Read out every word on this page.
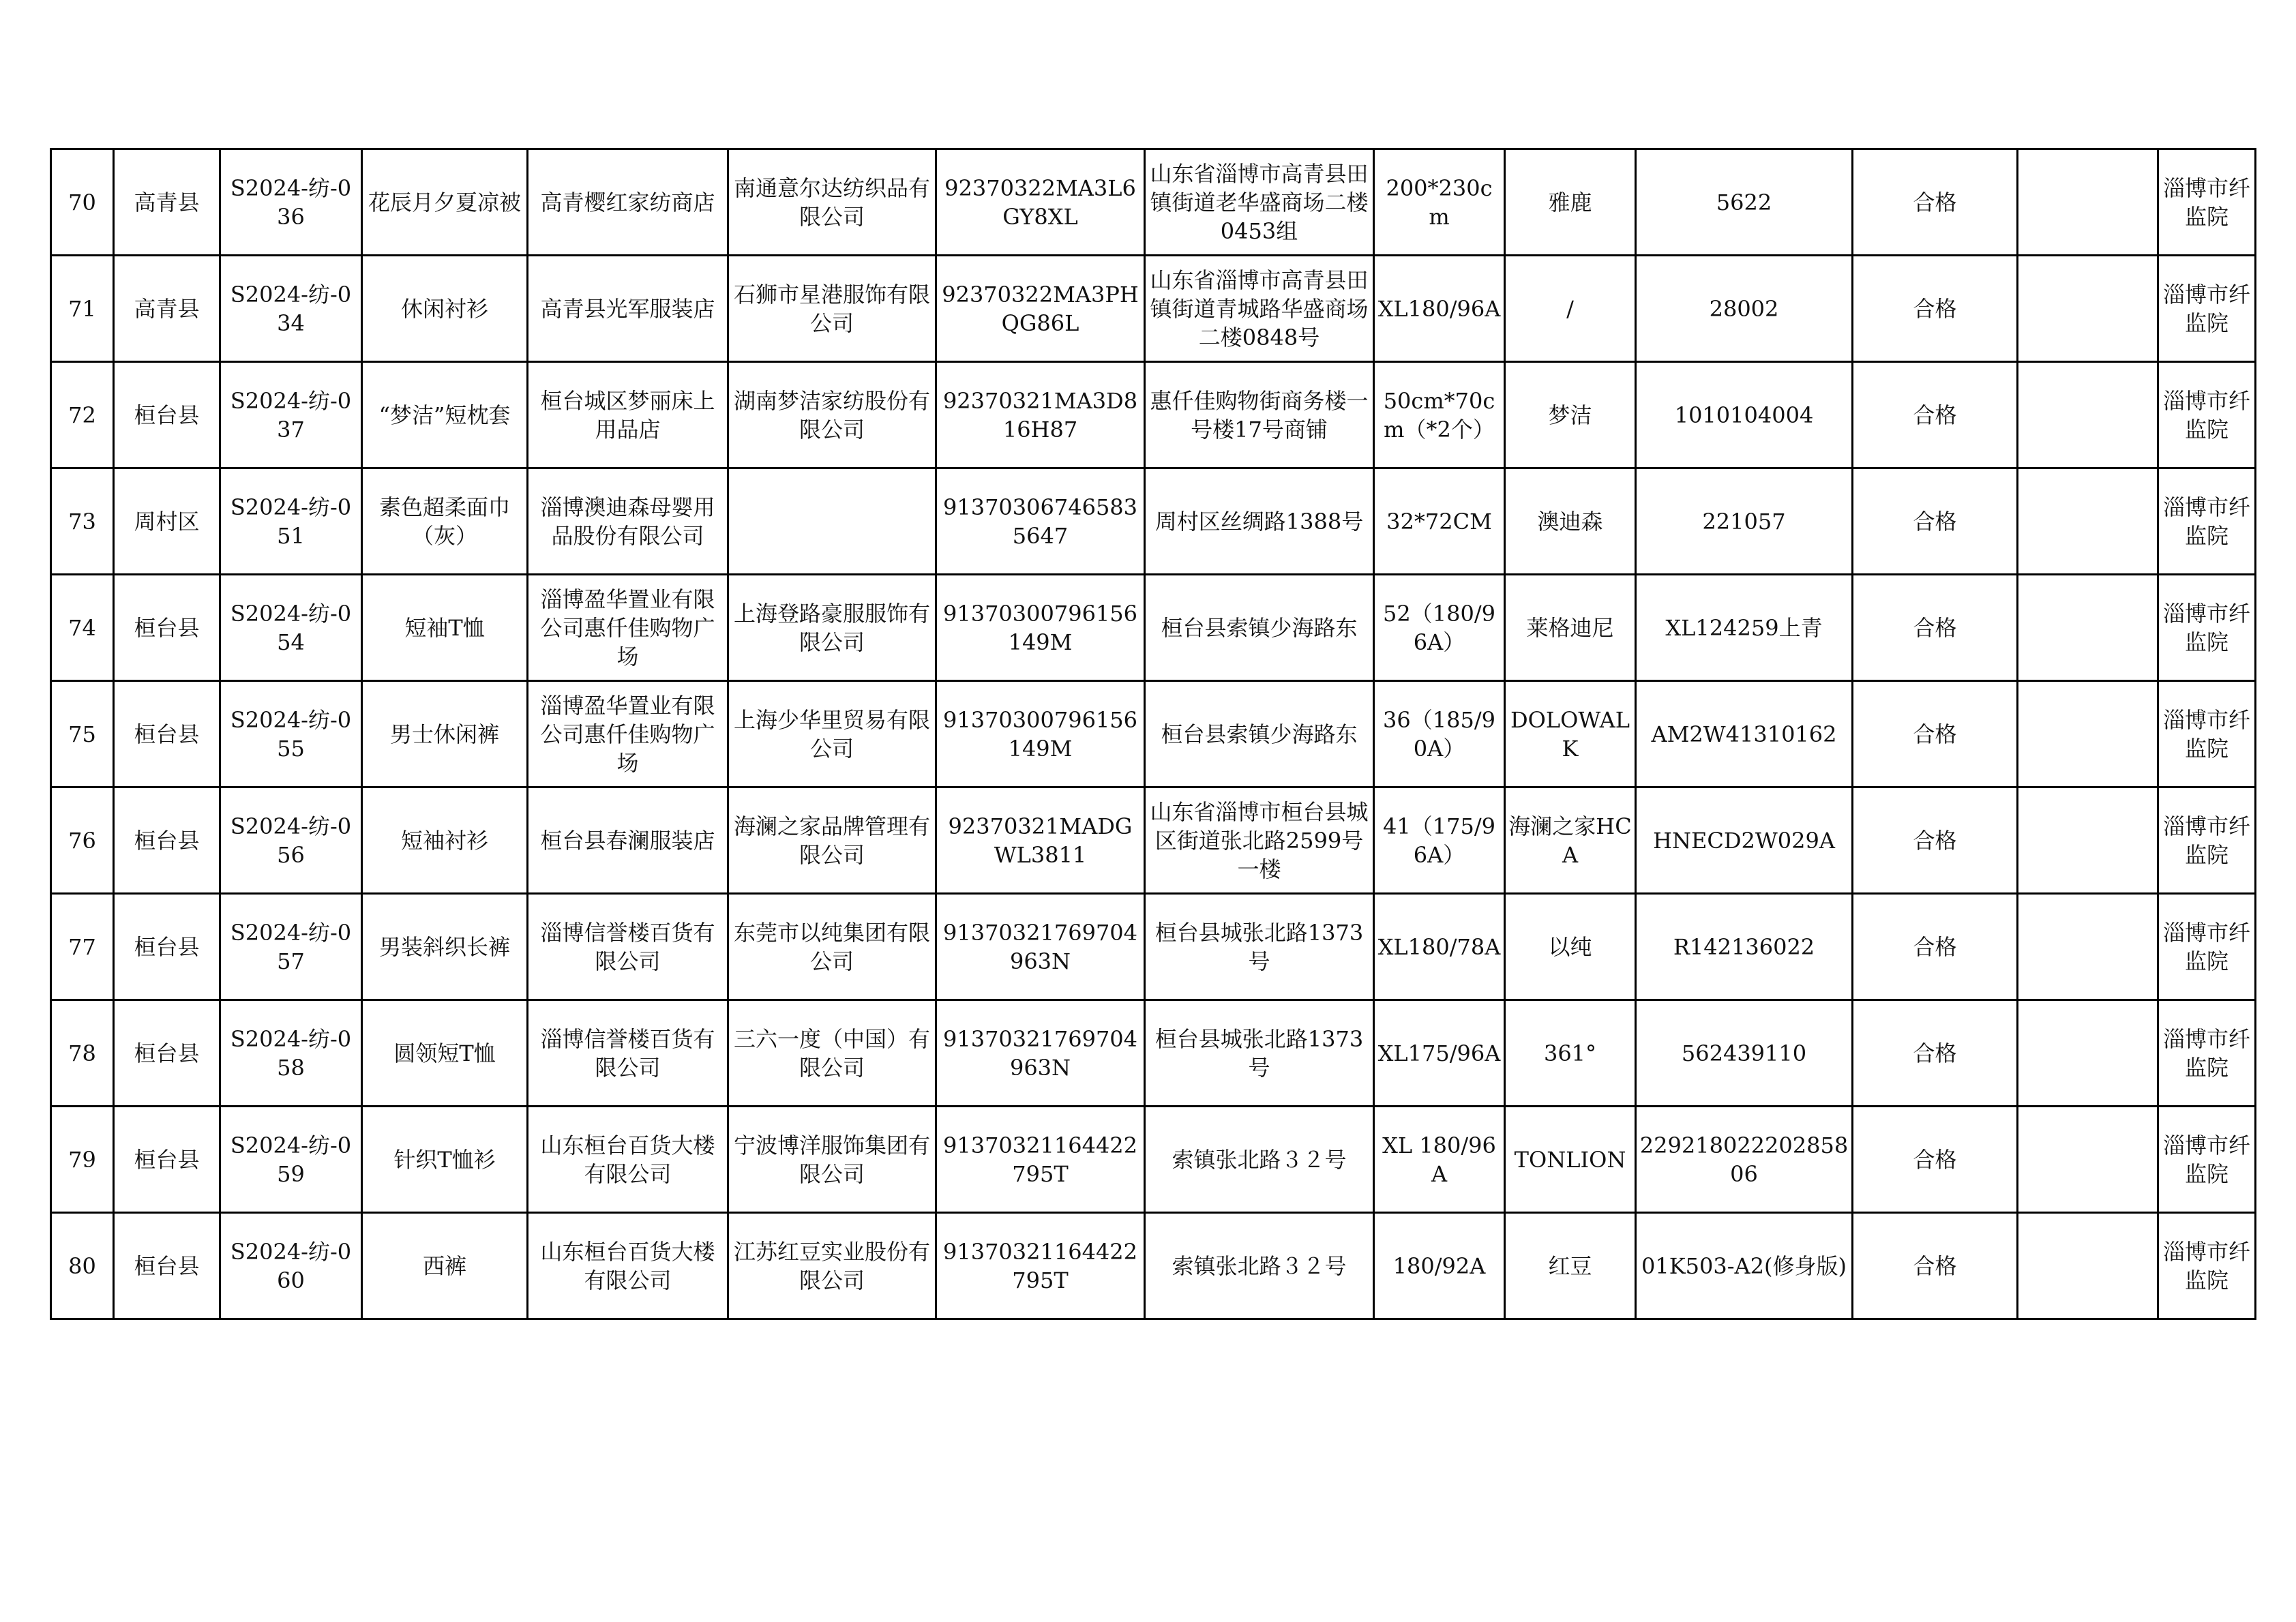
70	高青县	S2024-纺-036	花辰月夕夏凉被	高青樱红家纺商店	南通意尔达纺织品有限公司	92370322MA3L6GY8XL	山东省淄博市高青县田镇街道老华盛商场二楼0453组	200*230cm	雅鹿	5622	合格		淄博市纤监院
71	高青县	S2024-纺-034	休闲衬衫	高青县光军服装店	石狮市星港服饰有限公司	92370322MA3PHQG86L	山东省淄博市高青县田镇街道青城路华盛商场二楼0848号	XL180/96A	/	28002	合格		淄博市纤监院
72	桓台县	S2024-纺-037	“梦洁”短枕套	桓台城区梦丽床上用品店	湖南梦洁家纺股份有限公司	92370321MA3D816H87	惠仟佳购物街商务楼一号楼17号商铺	50cm*70cm（*2个）	梦洁	1010104004	合格		淄博市纤监院
73	周村区	S2024-纺-051	素色超柔面巾（灰）	淄博澳迪森母婴用品股份有限公司		913703067465835647	周村区丝绸路1388号	32*72CM	澳迪森	221057	合格		淄博市纤监院
74	桓台县	S2024-纺-054	短袖T恤	淄博盈华置业有限公司惠仟佳购物广场	上海登路豪服服饰有限公司	91370300796156149M	桓台县索镇少海路东	52（180/96A）	莱格迪尼	XL124259上青	合格		淄博市纤监院
75	桓台县	S2024-纺-055	男士休闲裤	淄博盈华置业有限公司惠仟佳购物广场	上海少华里贸易有限公司	91370300796156149M	桓台县索镇少海路东	36（185/90A）	DOLOWALK	AM2W41310162	合格		淄博市纤监院
76	桓台县	S2024-纺-056	短袖衬衫	桓台县春澜服装店	海澜之家品牌管理有限公司	92370321MADGWL3811	山东省淄博市桓台县城区街道张北路2599号一楼	41（175/96A）	海澜之家HCA	HNECD2W029A	合格		淄博市纤监院
77	桓台县	S2024-纺-057	男装斜织长裤	淄博信誉楼百货有限公司	东莞市以纯集团有限公司	91370321769704963N	桓台县城张北路1373号	XL180/78A	以纯	R142136022	合格		淄博市纤监院
78	桓台县	S2024-纺-058	圆领短T恤	淄博信誉楼百货有限公司	三六一度（中国）有限公司	91370321769704963N	桓台县城张北路1373号	XL175/96A	361°	562439110	合格		淄博市纤监院
79	桓台县	S2024-纺-059	针织T恤衫	山东桓台百货大楼有限公司	宁波博洋服饰集团有限公司	91370321164422795T	索镇张北路３２号	XL 180/96A	TONLION	22921802220285806	合格		淄博市纤监院
80	桓台县	S2024-纺-060	西裤	山东桓台百货大楼有限公司	江苏红豆实业股份有限公司	91370321164422795T	索镇张北路３２号	180/92A	红豆	01K503-A2(修身版)	合格		淄博市纤监院
